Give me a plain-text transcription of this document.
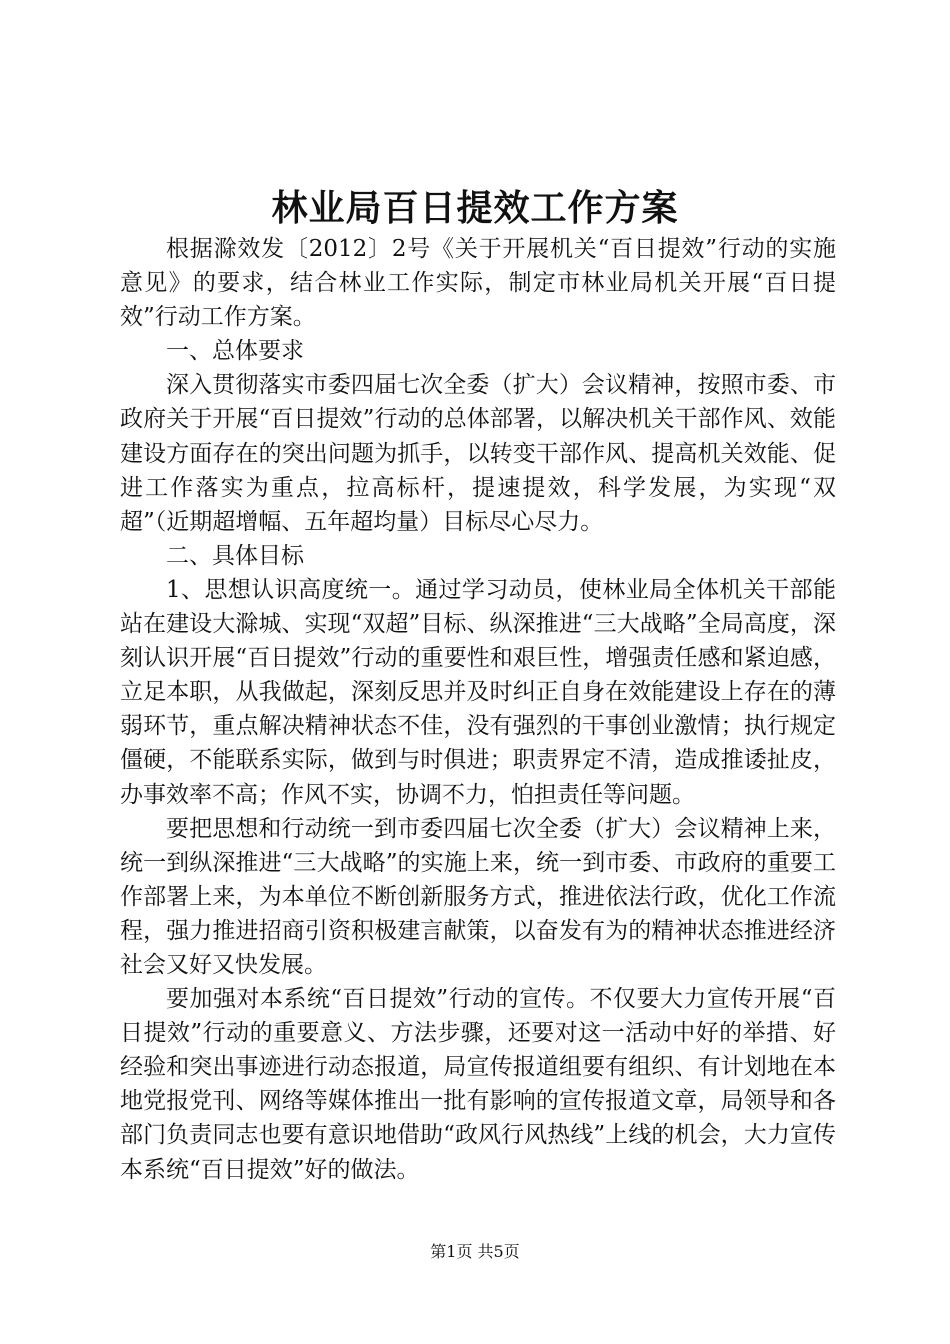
林业局百日提效工作方案

根据滁效发〔2012〕2号《关于开展机关“百日提效”行动的实施意见》的要求，结合林业工作实际，制定市林业局机关开展“百日提效”行动工作方案。

一、总体要求

深入贯彻落实市委四届七次全委（扩大）会议精神，按照市委、市政府关于开展“百日提效”行动的总体部署，以解决机关干部作风、效能建设方面存在的突出问题为抓手，以转变干部作风、提高机关效能、促进工作落实为重点，拉高标杆，提速提效，科学发展，为实现“双超”（近期超增幅、五年超均量）目标尽心尽力。

二、具体目标

1、思想认识高度统一。通过学习动员，使林业局全体机关干部能站在建设大滁城、实现“双超”目标、纵深推进“三大战略”全局高度，深刻认识开展“百日提效”行动的重要性和艰巨性，增强责任感和紧迫感，立足本职，从我做起，深刻反思并及时纠正自身在效能建设上存在的薄弱环节，重点解决精神状态不佳，没有强烈的干事创业激情；执行规定僵硬，不能联系实际，做到与时俱进；职责界定不清，造成推诿扯皮，办事效率不高；作风不实，协调不力，怕担责任等问题。

要把思想和行动统一到市委四届七次全委（扩大）会议精神上来，统一到纵深推进“三大战略”的实施上来，统一到市委、市政府的重要工作部署上来，为本单位不断创新服务方式，推进依法行政，优化工作流程，强力推进招商引资积极建言献策，以奋发有为的精神状态推进经济社会又好又快发展。

要加强对本系统“百日提效”行动的宣传。不仅要大力宣传开展“百日提效”行动的重要意义、方法步骤，还要对这一活动中好的举措、好经验和突出事迹进行动态报道，局宣传报道组要有组织、有计划地在本地党报党刊、网络等媒体推出一批有影响的宣传报道文章，局领导和各部门负责同志也要有意识地借助“政风行风热线”上线的机会，大力宣传本系统“百日提效”好的做法。

第1页 共5页
